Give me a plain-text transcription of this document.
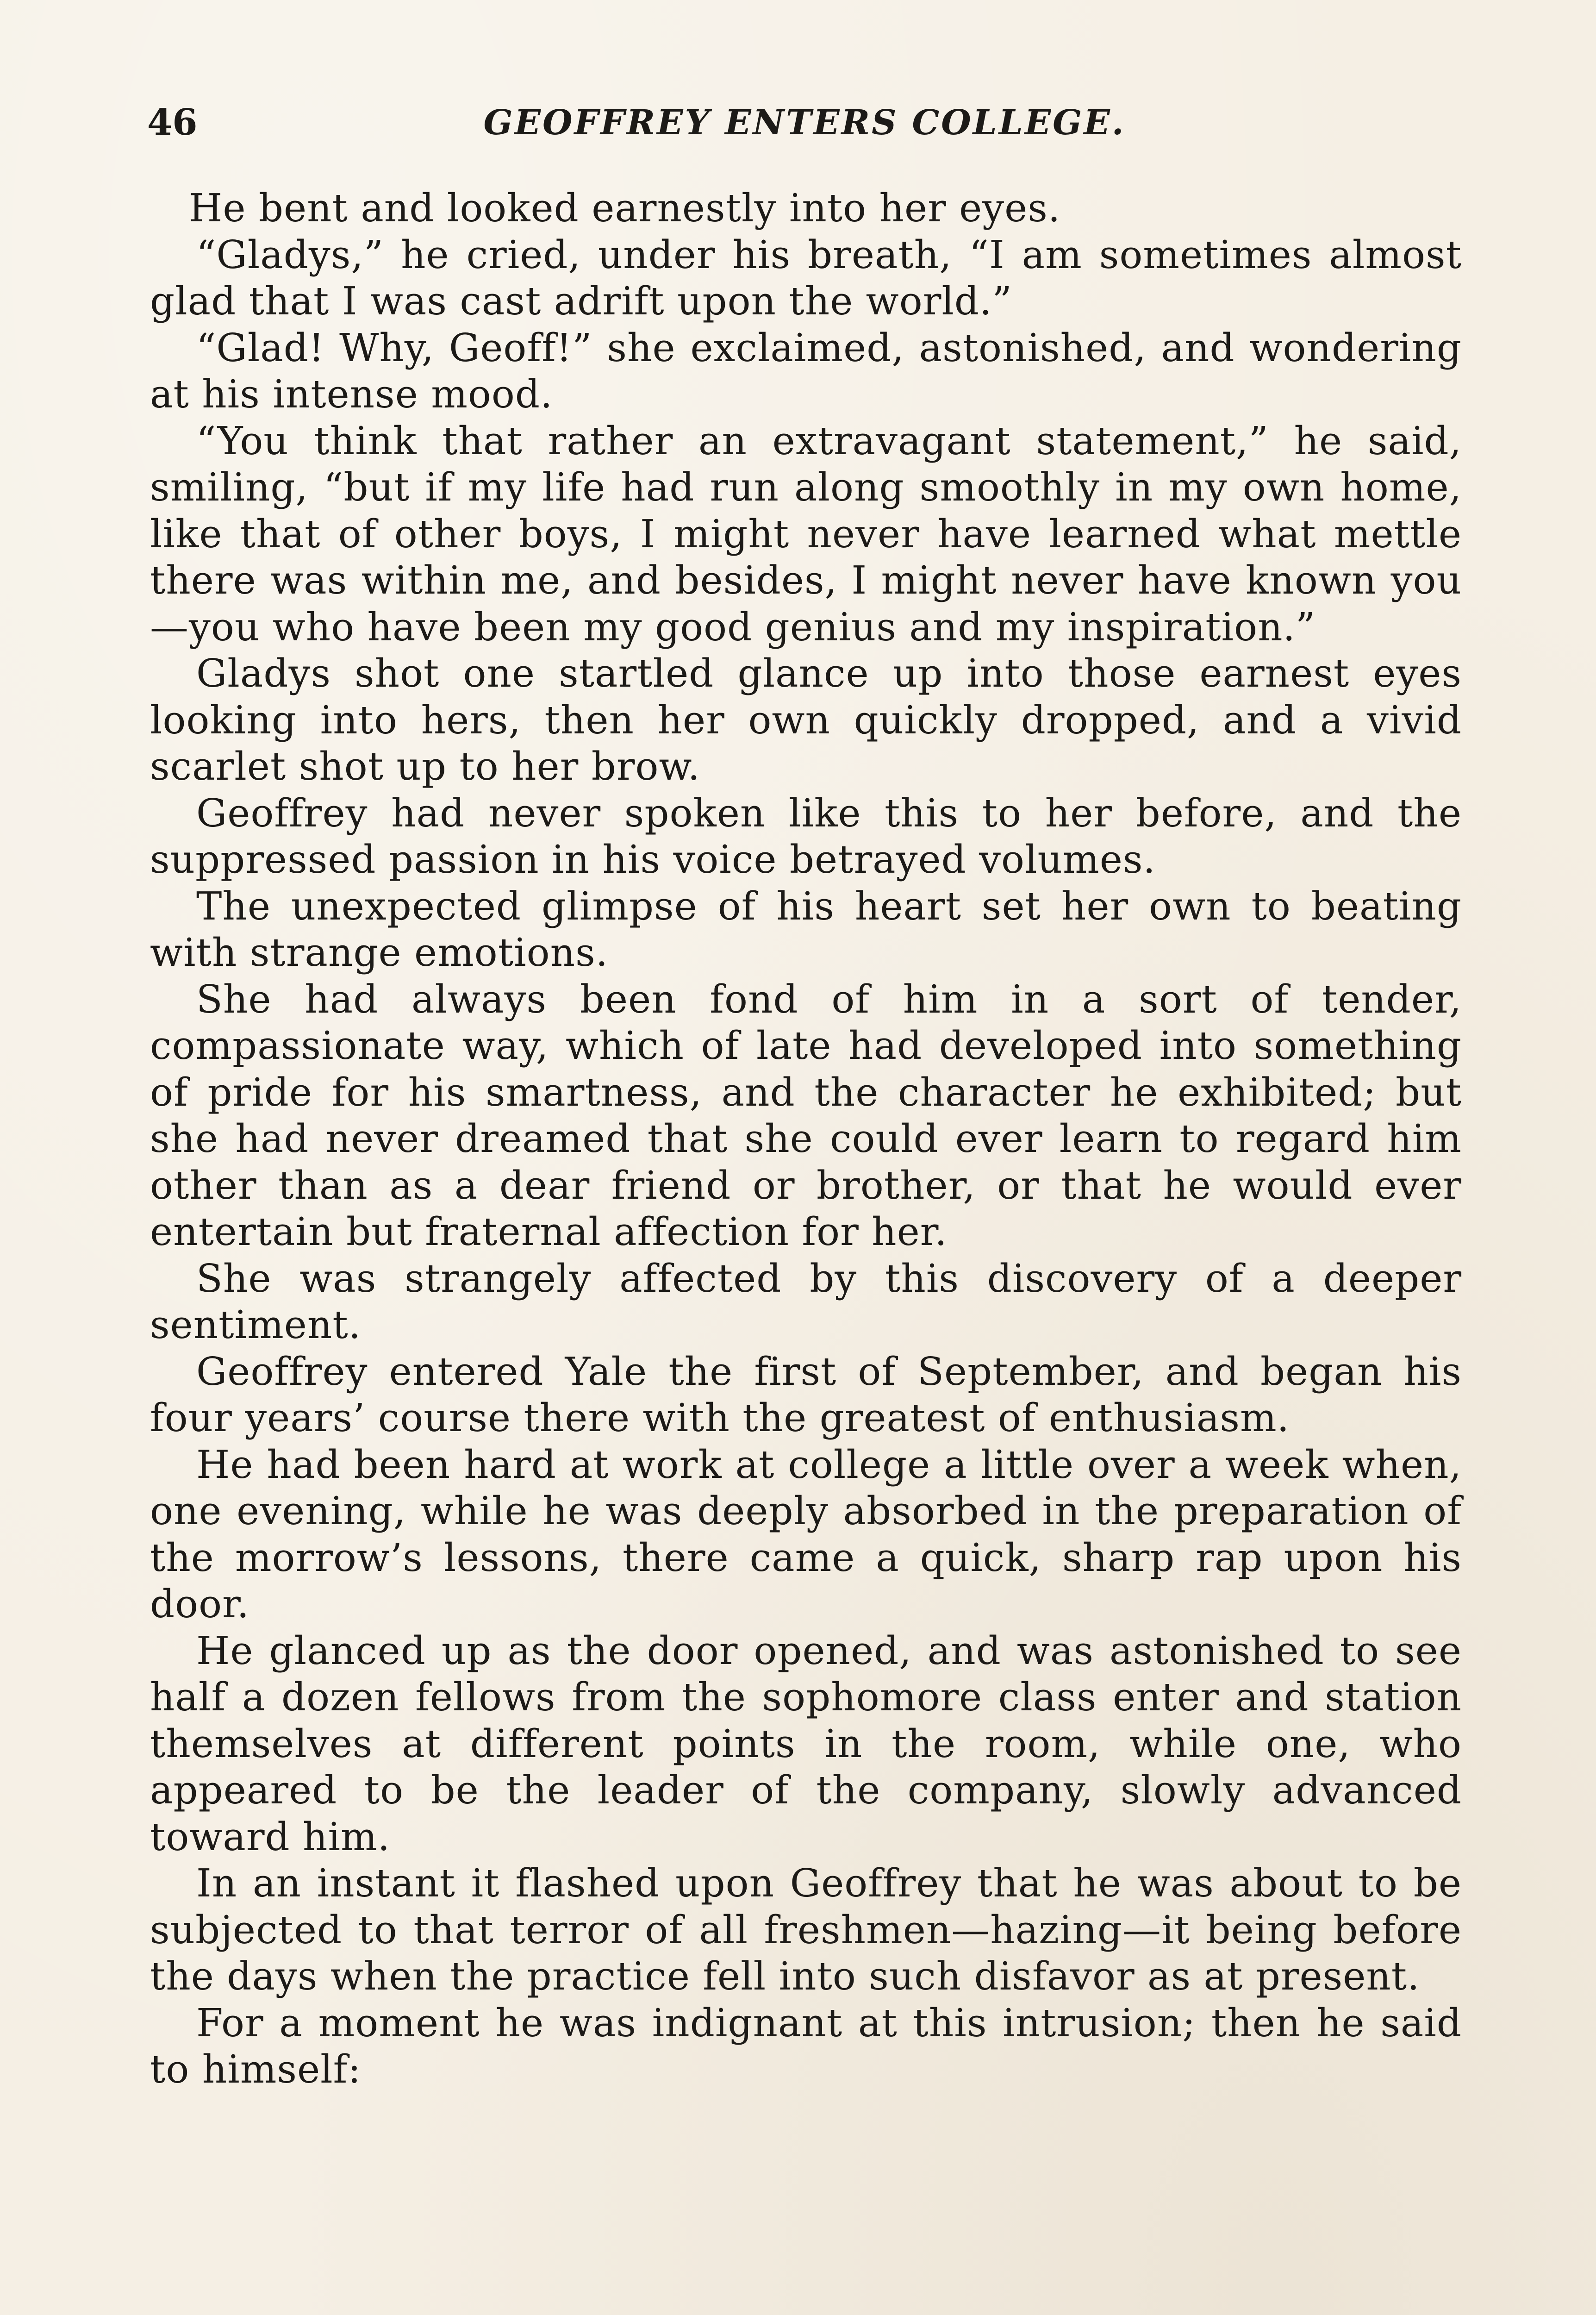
46	GEOFFREY ENTERS COLLEGE.

He bent and looked earnestly into her eyes.

“Gladys,” he cried, under his breath, “I am sometimes almost glad that I was cast adrift upon the world.”

“Glad! Why, Geoff!” she exclaimed, astonished, and wondering at his intense mood.

“You think that rather an extravagant statement,” he said, smiling, “but if my life had run along smoothly in my own home, like that of other boys, I might never have learned what mettle there was within me, and besides, I might never have known you—you who have been my good genius and my inspiration.”

Gladys shot one startled glance up into those earnest eyes looking into hers, then her own quickly dropped, and a vivid scarlet shot up to her brow.

Geoffrey had never spoken like this to her before, and the suppressed passion in his voice betrayed volumes.

The unexpected glimpse of his heart set her own to beating with strange emotions.

She had always been fond of him in a sort of tender, compassionate way, which of late had developed into something of pride for his smartness, and the character he exhibited; but she had never dreamed that she could ever learn to regard him other than as a dear friend or brother, or that he would ever entertain but fraternal affection for her.

She was strangely affected by this discovery of a deeper sentiment.

Geoffrey entered Yale the first of September, and began his four years’ course there with the greatest of enthusiasm.

He had been hard at work at college a little over a week when, one evening, while he was deeply absorbed in the preparation of the morrow’s lessons, there came a quick, sharp rap upon his door.

He glanced up as the door opened, and was astonished to see half a dozen fellows from the sophomore class enter and station themselves at different points in the room, while one, who appeared to be the leader of the company, slowly advanced toward him.

In an instant it flashed upon Geoffrey that he was about to be subjected to that terror of all freshmen—hazing—it being before the days when the practice fell into such disfavor as at present.

For a moment he was indignant at this intrusion; then he said to himself:
